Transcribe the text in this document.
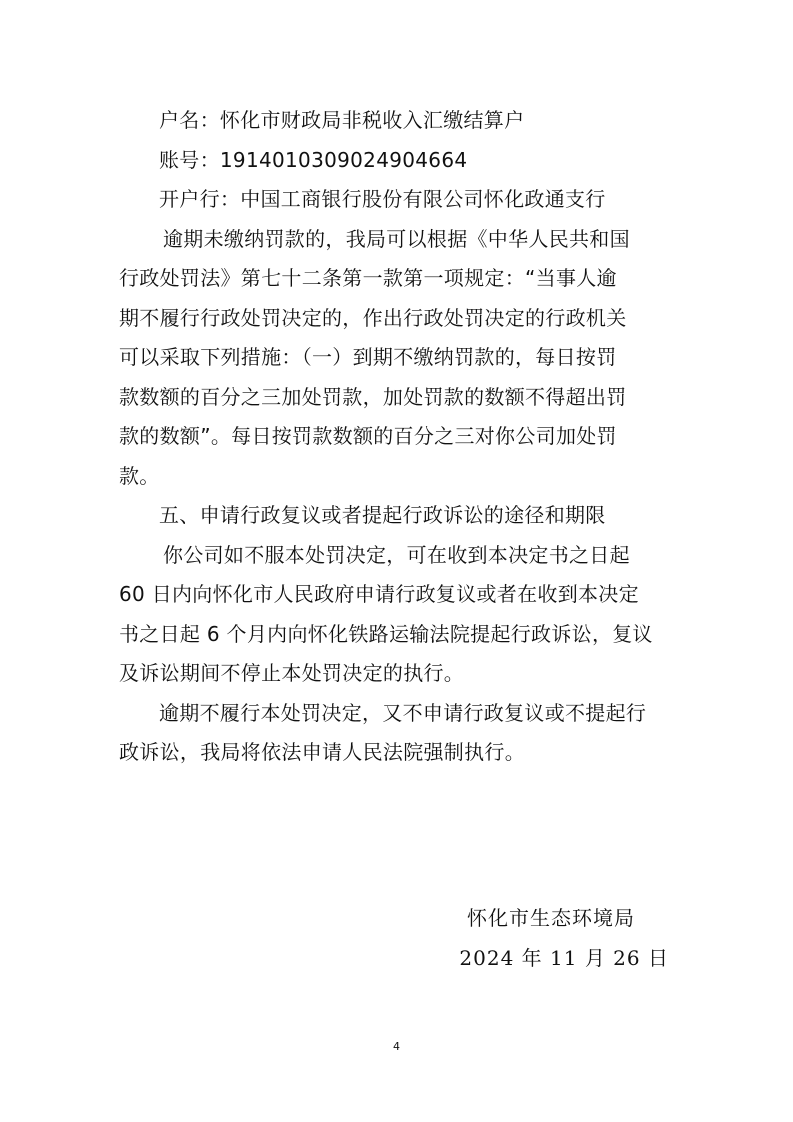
户名：怀化市财政局非税收入汇缴结算户
账号：1914010309024904664
开户行：中国工商银行股份有限公司怀化政通支行
逾期未缴纳罚款的，我局可以根据《中华人民共和国
行政处罚法》第七十二条第一款第一项规定：“当事人逾
期不履行行政处罚决定的，作出行政处罚决定的行政机关
可以采取下列措施：（一）到期不缴纳罚款的，每日按罚
款数额的百分之三加处罚款，加处罚款的数额不得超出罚
款的数额”。每日按罚款数额的百分之三对你公司加处罚
款。
五、申请行政复议或者提起行政诉讼的途径和期限
你公司如不服本处罚决定，可在收到本决定书之日起
60 日内向怀化市人民政府申请行政复议或者在收到本决定
书之日起 6 个月内向怀化铁路运输法院提起行政诉讼，复议
及诉讼期间不停止本处罚决定的执行。
逾期不履行本处罚决定，又不申请行政复议或不提起行
政诉讼，我局将依法申请人民法院强制执行。
怀化市生态环境局
2024 年 11 月 26 日
4
